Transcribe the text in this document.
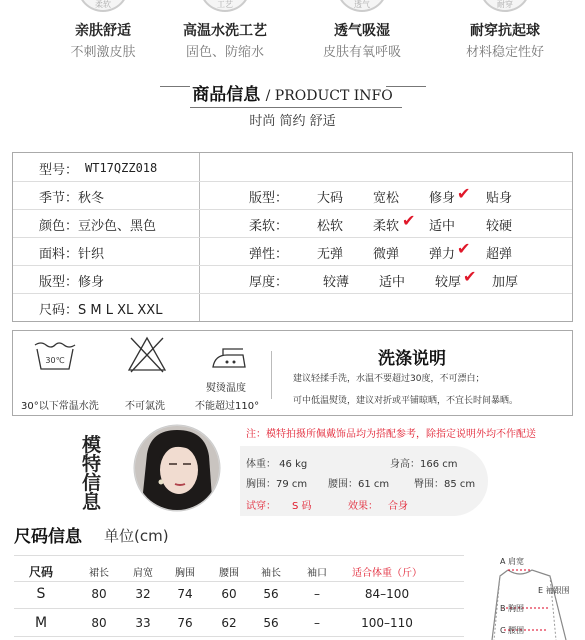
柔软
亲肤舒适
不刺激皮肤
工艺
高温水洗工艺
固色、防缩水
透气
透气吸湿
皮肤有氧呼吸
耐穿
耐穿抗起球
材料稳定性好
商品信息 / PRODUCT INFO
时尚 简约 舒适
型号： WT17QZZ018
季节：秋冬
颜色：豆沙色、黑色
面料：针织
版型：修身
尺码：S M L XL XXL
版型： 大码 宽松 修身 ✔ 贴身
柔软： 松软 柔软 ✔ 适中 较硬
弹性： 无弹 微弹 弹力 ✔ 超弹
厚度：	较薄 适中 较厚 ✔ 加厚
30℃
30°以下常温水洗	不可氯洗
熨烫温度
不能超过110°
洗涤说明
建议轻揉手洗，水温不要超过30度，不可漂白；
可中低温熨烫，建议对折或平铺晾晒，不宜长时间暴晒。
模
特
信
息
注：模特拍摄所佩戴饰品均为搭配参考，除指定说明外均不作配送
体重： 46 kg	身高：166 cm
胸围：79 cm 腰围：61 cm 臀围：85 cm
试穿： S 码	效果： 合身
尺码信息 单位(cm)
尺码	裙长	肩宽	胸围	腰围	袖长	袖口	适合体重（斤）
S	80	32	74	60	56	–	84–100
M	80	33	76	62	56	–	100–110
A 肩宽
E 袖跟围
B 胸围
C 腰围
